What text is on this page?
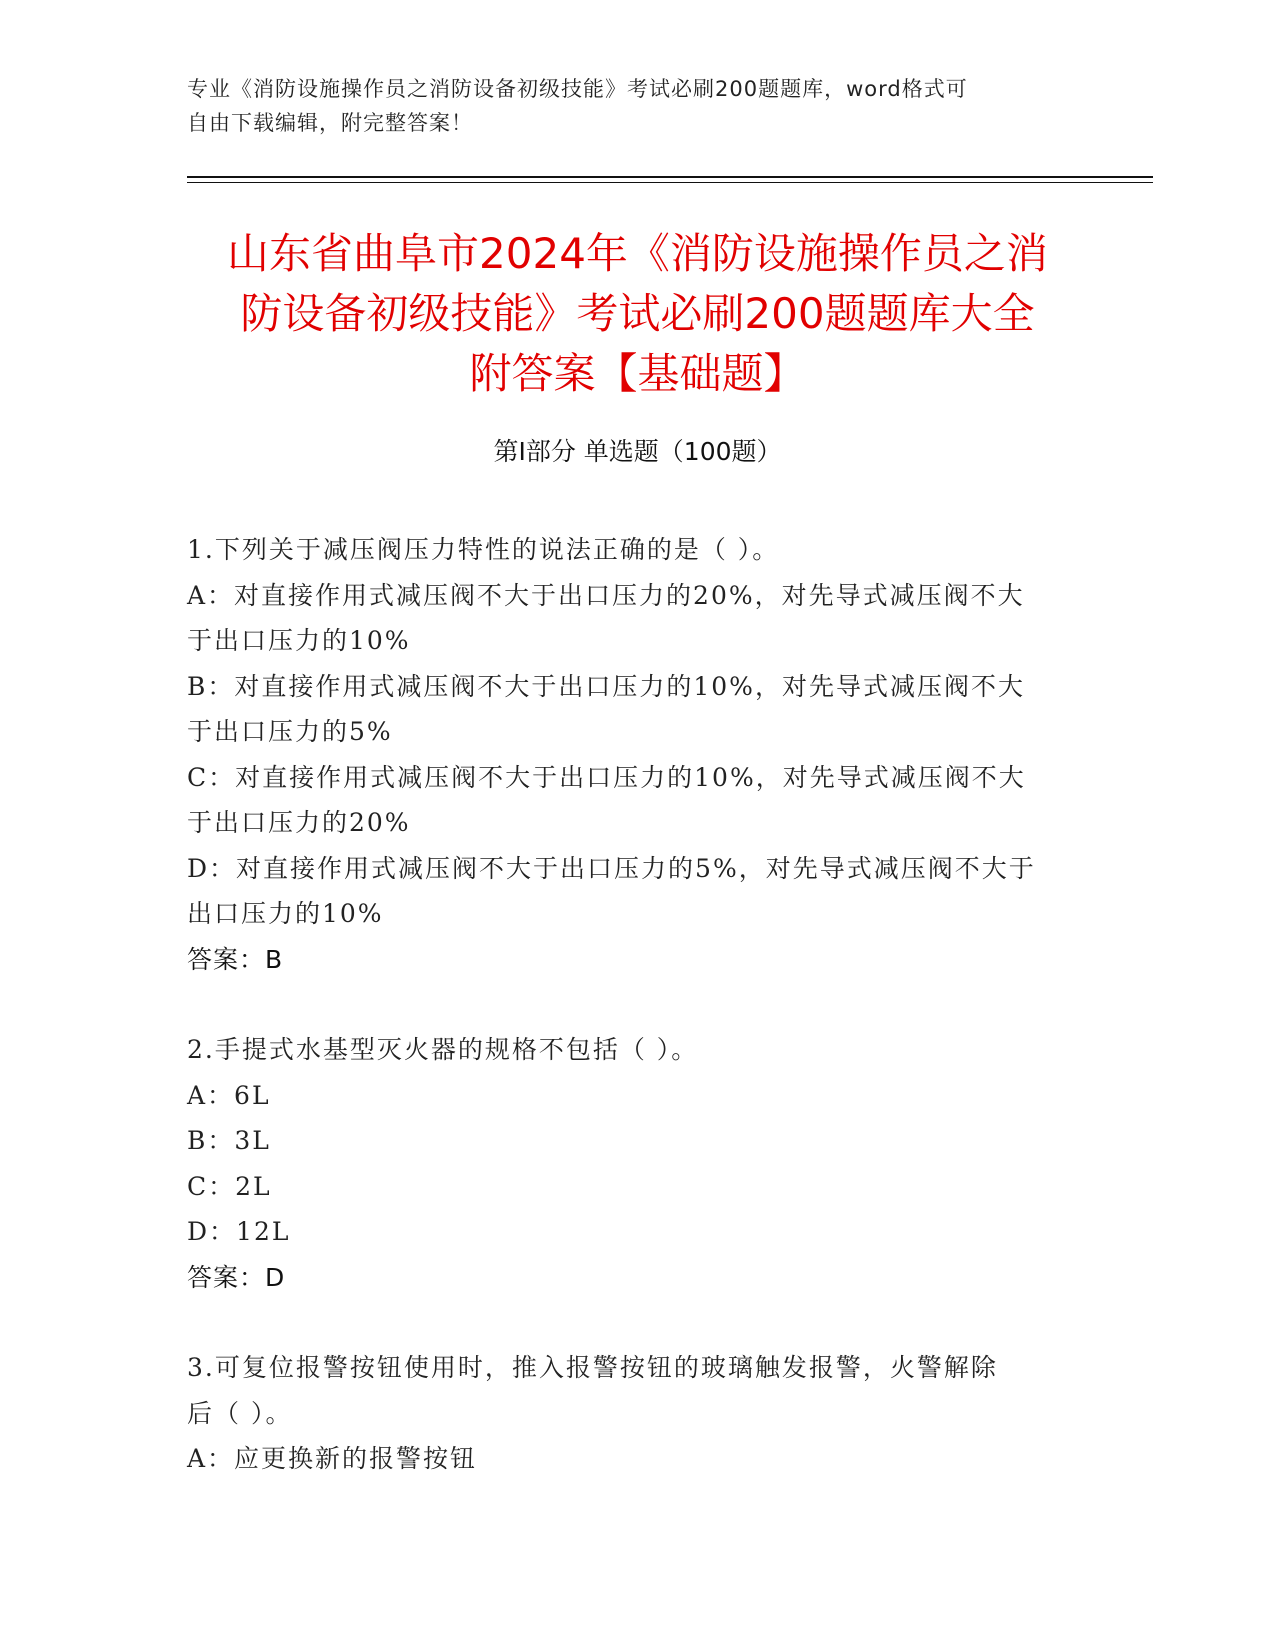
专业《消防设施操作员之消防设备初级技能》考试必刷200题题库，word格式可
自由下载编辑，附完整答案！
山东省曲阜市2024年《消防设施操作员之消
防设备初级技能》考试必刷200题题库大全
附答案【基础题】
第Ⅰ部分 单选题（100题）
1.下列关于减压阀压力特性的说法正确的是（ ）。
A：对直接作用式减压阀不大于出口压力的20%，对先导式减压阀不大
于出口压力的10%
B：对直接作用式减压阀不大于出口压力的10%，对先导式减压阀不大
于出口压力的5%
C：对直接作用式减压阀不大于出口压力的10%，对先导式减压阀不大
于出口压力的20%
D：对直接作用式减压阀不大于出口压力的5%，对先导式减压阀不大于
出口压力的10%
答案：B
2.手提式水基型灭火器的规格不包括（ ）。
A：6L
B：3L
C：2L
D：12L
答案：D
3.可复位报警按钮使用时，推入报警按钮的玻璃触发报警，火警解除
后（ ）。
A：应更换新的报警按钮
